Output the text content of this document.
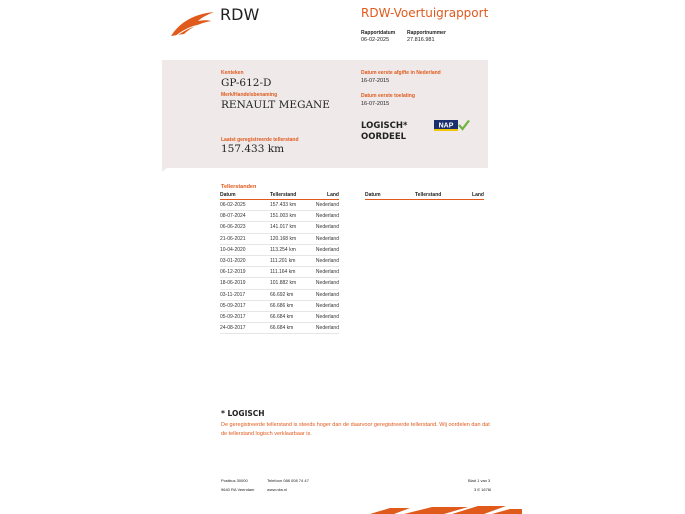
RDW	RDW-Voertuigrapport
Rapportdatum
06-02-2025
Rapportnummer
27.816.981
Kenteken
GP-612-D
Merk/Handelsbenaming
RENAULT MEGANE
Laatst geregistreerde tellerstand
157.433 km
Datum eerste afgifte in Nederland
16-07-2015
Datum eerste toelating
16-07-2015
LOGISCH*
OORDEEL
NAP
Tellerstanden
Datum	Tellerstand	Land
06-02-2025	157.433 km	Nederland
08-07-2024	151.003 km	Nederland
06-06-2023	141.017 km	Nederland
21-06-2021	120.168 km	Nederland
10-04-2020	113.254 km	Nederland
03-01-2020	111.201 km	Nederland
06-12-2019	111.164 km	Nederland
18-06-2019	101.882 km	Nederland
03-11-2017	66.692 km	Nederland
05-09-2017	66.686 km	Nederland
05-09-2017	66.684 km	Nederland
24-08-2017	66.684 km	Nederland
Datum	Tellerstand	Land
* LOGISCH
De geregistreerde tellerstand is steeds hoger dan de daarvoor geregistreerde tellerstand. Wij oordelen dan dat de tellerstand logisch verklaarbaar is.
Postbus 30000
9640 RA Veendam
Telefoon 088 008 74 47
www.rdw.nl
Blad 1 van 3
3 E 1678I
